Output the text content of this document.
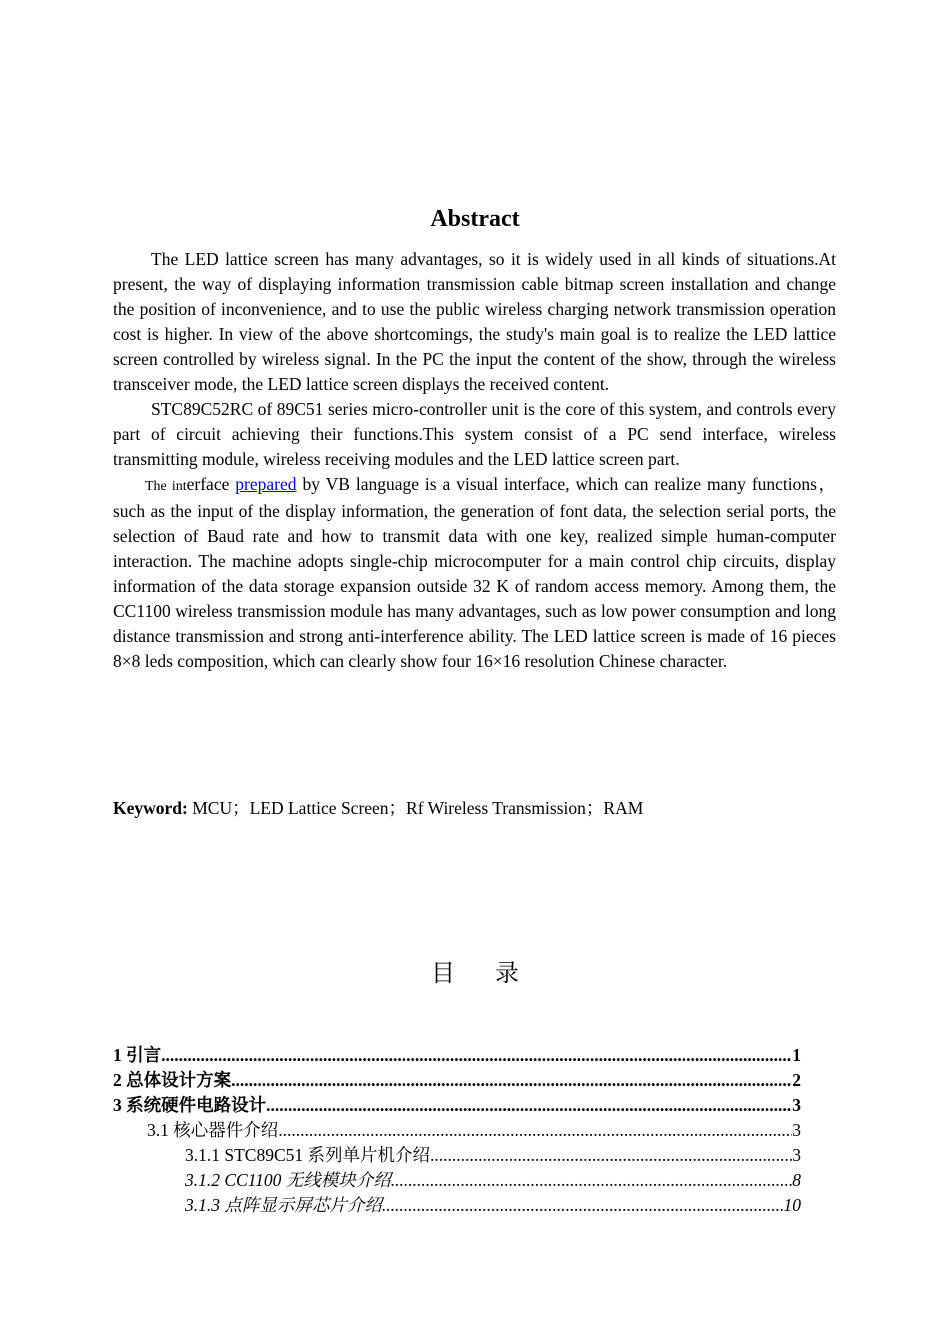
Abstract

The LED lattice screen has many advantages, so it is widely used in all kinds of situations.At present, the way of displaying information transmission cable bitmap screen installation and change the position of inconvenience, and to use the public wireless charging network transmission operation cost is higher. In view of the above shortcomings, the study's main goal is to realize the LED lattice screen controlled by wireless signal. In the PC the input the content of the show, through the wireless transceiver mode, the LED lattice screen displays the received content.

STC89C52RC of 89C51 series micro-controller unit is the core of this system, and controls every part of circuit achieving their functions.This system consist of a PC send interface, wireless transmitting module, wireless receiving modules and the LED lattice screen part.

The interface prepared by VB language is a visual interface, which can realize many functions， such as the input of the display information, the generation of font data, the selection serial ports, the selection of Baud rate and how to transmit data with one key, realized simple human-computer interaction. The machine adopts single-chip microcomputer for a main control chip circuits, display information of the data storage expansion outside 32 K of random access memory. Among them, the CC1100 wireless transmission module has many advantages, such as low power consumption and long distance transmission and strong anti-interference ability. The LED lattice screen is made of 16 pieces 8×8 leds composition, which can clearly show four 16×16 resolution Chinese character.

Keyword: MCU；LED Lattice Screen；Rf Wireless Transmission；RAM
目录
1 引言 .....	1
2 总体设计方案 .....	2
3 系统硬件电路设计 .....	3
3.1 核心器件介绍 .....	3
3.1.1 STC89C51 系列单片机介绍 .....	3
3.1.2 CC1100 无线模块介绍 .....	8
3.1.3 点阵显示屏芯片介绍 .....	10
